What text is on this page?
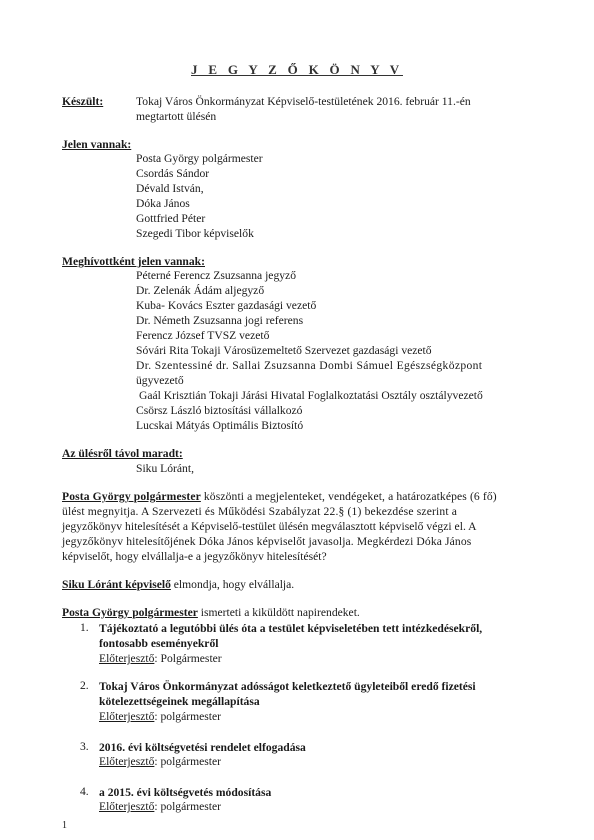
J E G Y Z Ő K Ö N Y V
Készült:	Tokaj Város Önkormányzat Képviselő-testületének 2016. február 11.-én
megtartott ülésén
Jelen vannak:
Posta György polgármester
Csordás Sándor
Dévald István,
Dóka János
Gottfried Péter
Szegedi Tibor képviselők
Meghívottként jelen vannak:
Péterné Ferencz Zsuzsanna jegyző
Dr. Zelenák Ádám aljegyző
Kuba- Kovács Eszter gazdasági vezető
Dr. Németh Zsuzsanna jogi referens
Ferencz József TVSZ vezető
Sóvári Rita Tokaji Városüzemeltető Szervezet gazdasági vezető
Dr. Szentessiné dr. Sallai Zsuzsanna Dombi Sámuel Egészségközpont
ügyvezető
Gaál Krisztián Tokaji Járási Hivatal Foglalkoztatási Osztály osztályvezető
Csörsz László biztosítási vállalkozó
Lucskai Mátyás Optimális Biztosító
Az ülésről távol maradt:
Siku Lóránt,
Posta György polgármester köszönti a megjelenteket, vendégeket, a határozatképes (6 fő)
ülést megnyitja. A Szervezeti és Működési Szabályzat 22.§ (1) bekezdése szerint a
jegyzőkönyv hitelesítését a Képviselő-testület ülésén megválasztott képviselő végzi el. A
jegyzőkönyv hitelesítőjének Dóka János képviselőt javasolja. Megkérdezi Dóka János
képviselőt, hogy elvállalja-e a jegyzőkönyv hitelesítését?
Siku Lóránt képviselő elmondja, hogy elvállalja.
Posta György polgármester ismerteti a kiküldött napirendeket.
1. Tájékoztató a legutóbbi ülés óta a testület képviseletében tett intézkedésekről,
fontosabb eseményekről
Előterjesztő: Polgármester
2. Tokaj Város Önkormányzat adósságot keletkeztető ügyleteiből eredő fizetési
kötelezettségeinek megállapítása
Előterjesztő: polgármester
3. 2016. évi költségvetési rendelet elfogadása
Előterjesztő: polgármester
4. a 2015. évi költségvetés módosítása
Előterjesztő: polgármester
1
